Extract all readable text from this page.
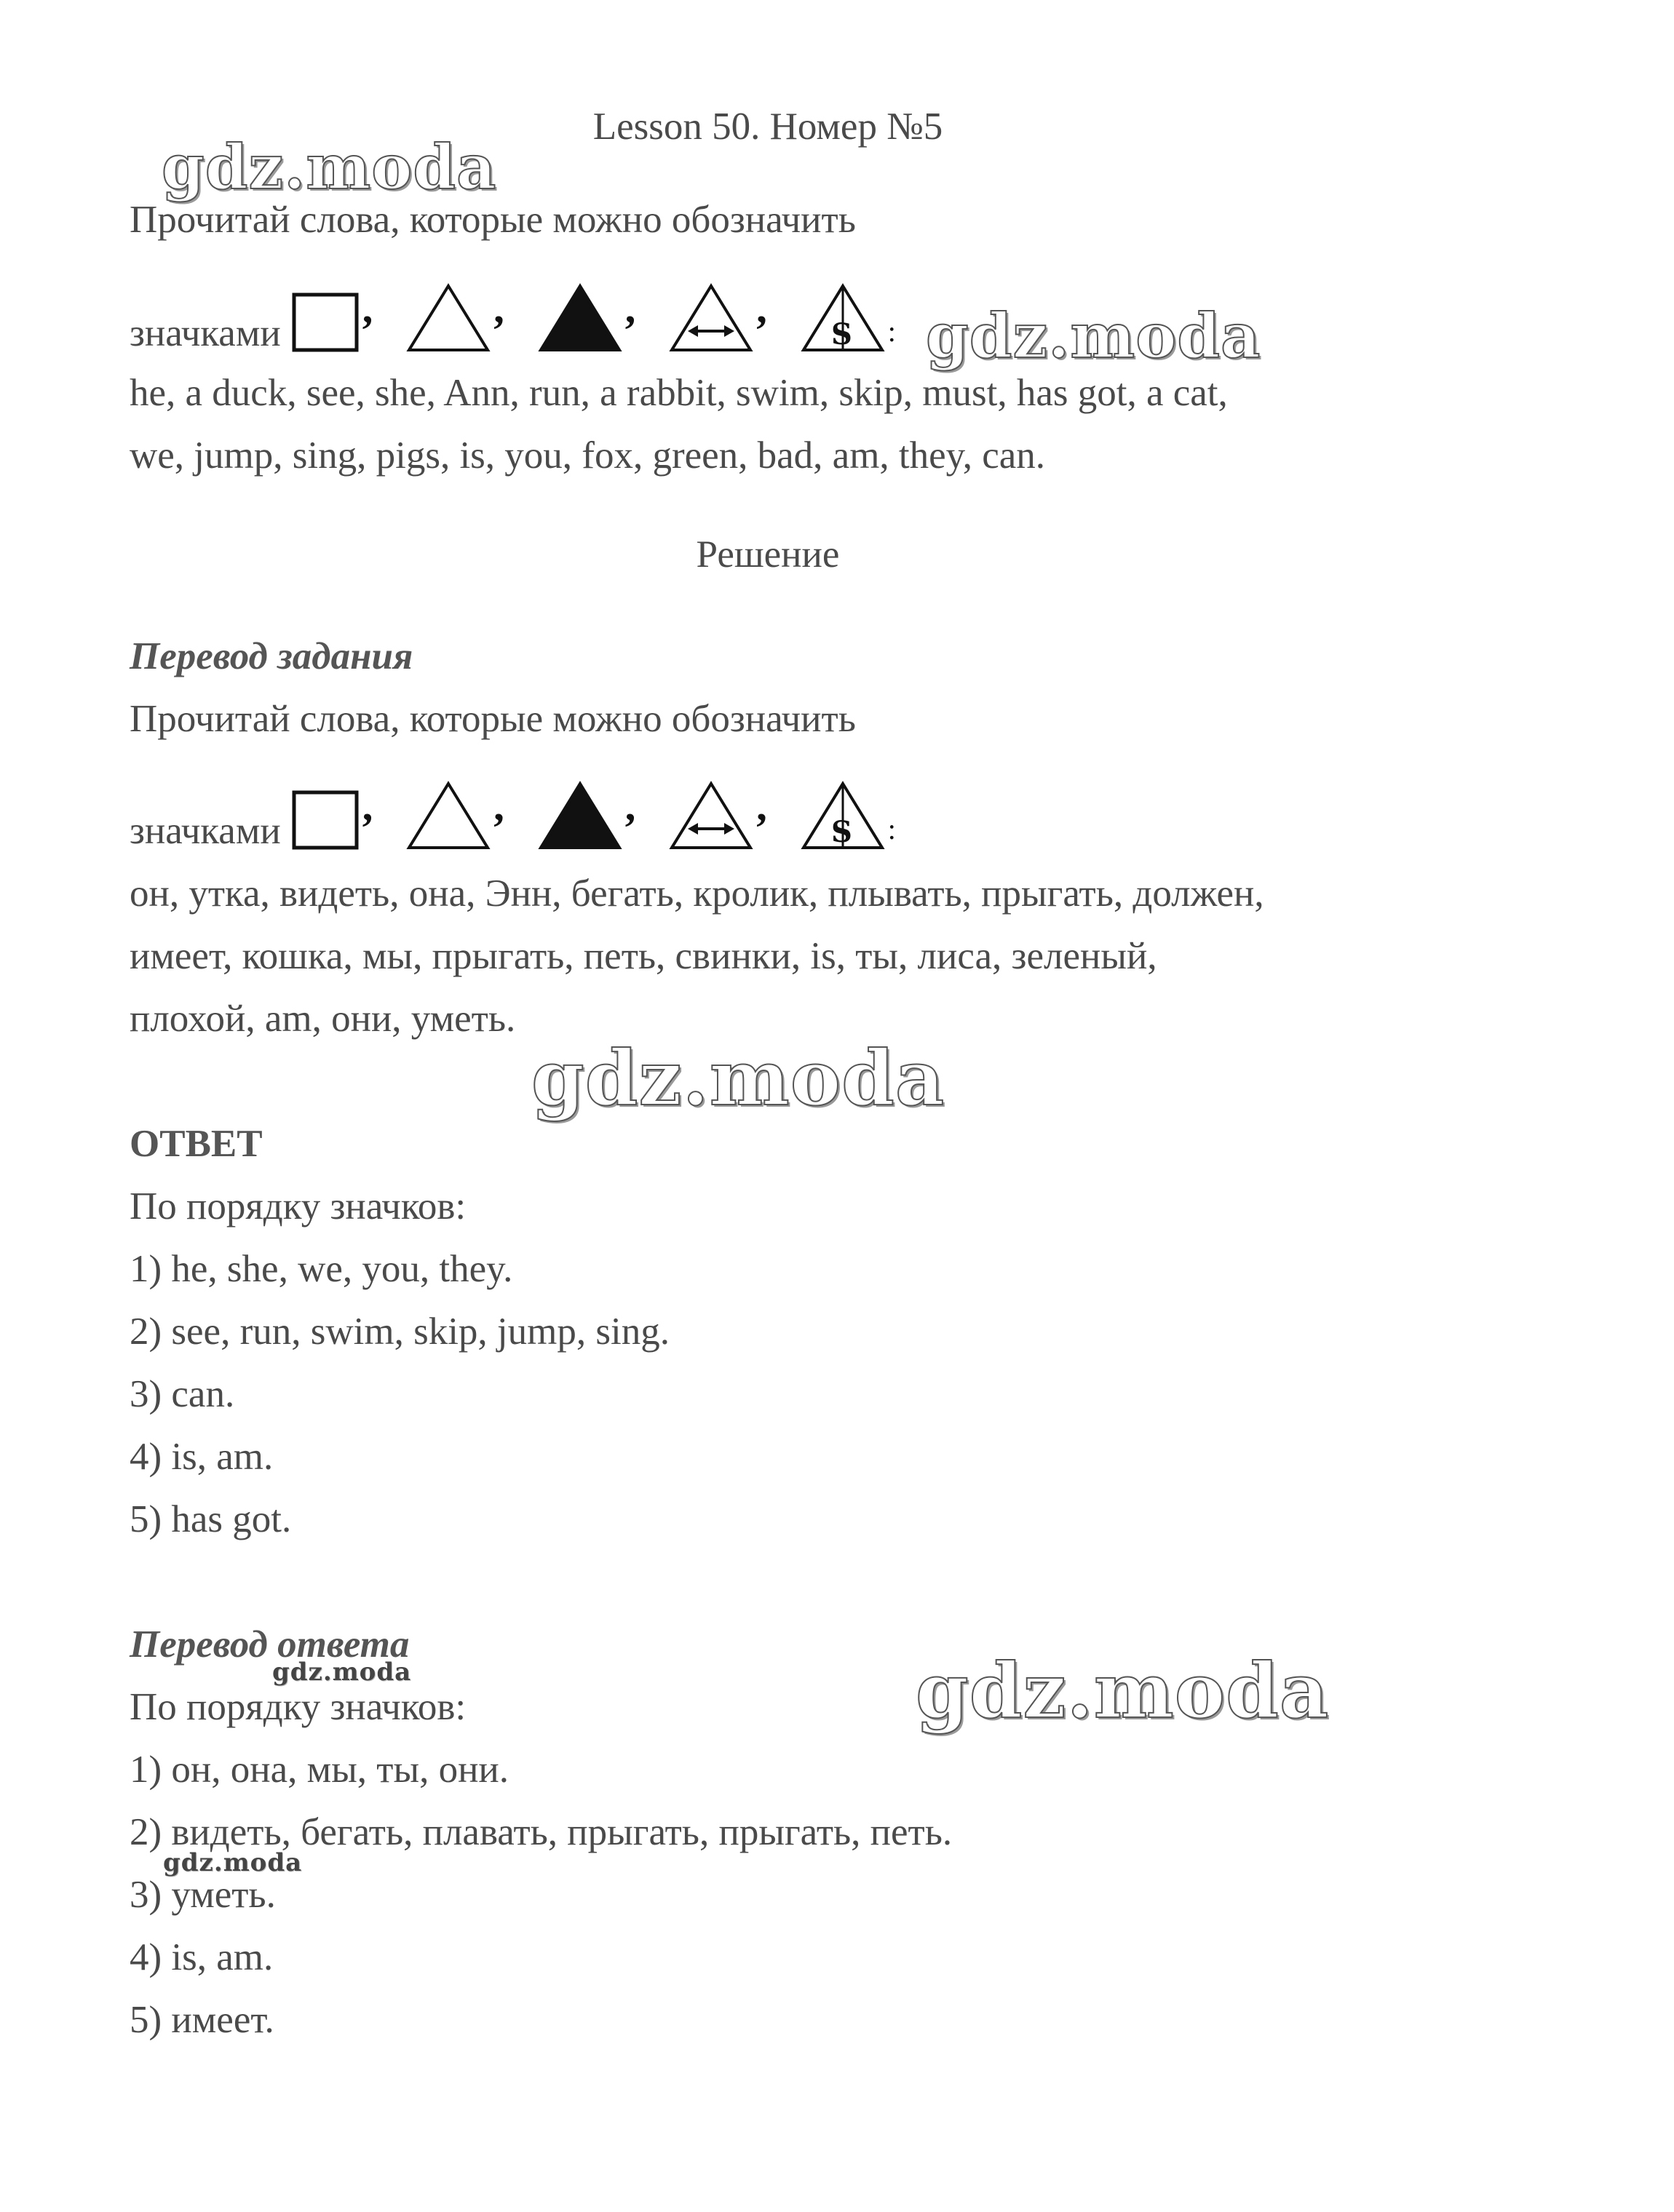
Lesson 50. Номер №5
Прочитай слова, которые можно обозначить
значками
,	,	,	,
S :
he, a duck, see, she, Ann, run, a rabbit, swim, skip, must, has got, a cat,
we, jump, sing, pigs, is, you, fox, green, bad, am, they, can.
Решение
Перевод задания
Прочитай слова, которые можно обозначить
значками
,	,	,	,
S :
он, утка, видеть, она, Энн, бегать, кролик, плывать, прыгать, должен,
имеет, кошка, мы, прыгать, петь, свинки, is, ты, лиса, зеленый,
плохой, am, они, уметь.
ОТВЕТ
По порядку значков:
1) he, she, we, you, they.
2) see, run, swim, skip, jump, sing.
3) can.
4) is, am.
5) has got.
Перевод ответа
По порядку значков:
1) он, она, мы, ты, они.
2) видеть, бегать, плавать, прыгать, прыгать, петь.
3) уметь.
4) is, am.
5) имеет.
gdz.moda
gdz.moda
gdz.moda
gdz.moda
gdz.moda
gdz.moda
